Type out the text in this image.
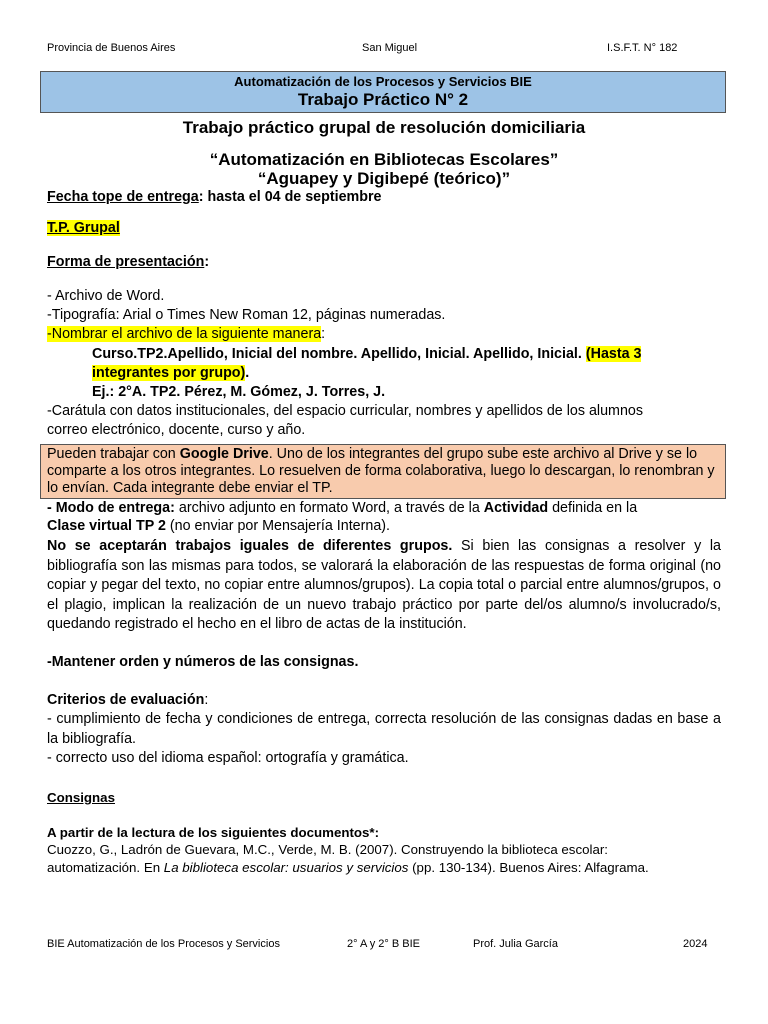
Provincia de Buenos Aires	San Miguel	I.S.F.T. N° 182
Automatización de los Procesos y Servicios BIE
Trabajo Práctico N° 2
Trabajo práctico grupal de resolución domiciliaria
“Automatización en Bibliotecas Escolares”
“Aguapey y Digibepé (teórico)”
Fecha tope de entrega: hasta el 04 de septiembre
T.P. Grupal
Forma de presentación:
- Archivo de Word.
-Tipografía: Arial o Times New Roman 12, páginas numeradas.
-Nombrar el archivo de la siguiente manera:
Curso.TP2.Apellido, Inicial del nombre. Apellido, Inicial. Apellido, Inicial. (Hasta 3
integrantes por grupo).
Ej.: 2°A. TP2. Pérez, M. Gómez, J. Torres, J.
-Carátula con datos institucionales, del espacio curricular, nombres y apellidos de los alumnos
correo electrónico, docente, curso y año.
Pueden trabajar con Google Drive. Uno de los integrantes del grupo sube este archivo al Drive y se lo comparte a los otros integrantes. Lo resuelven de forma colaborativa, luego lo descargan, lo renombran y lo envían. Cada integrante debe enviar el TP.
- Modo de entrega: archivo adjunto en formato Word, a través de la Actividad definida en la
Clase virtual TP 2 (no enviar por Mensajería Interna).
No se aceptarán trabajos iguales de diferentes grupos. Si bien las consignas a resolver y la bibliografía son las mismas para todos, se valorará la elaboración de las respuestas de forma original (no copiar y pegar del texto, no copiar entre alumnos/grupos). La copia total o parcial entre alumnos/grupos, o el plagio, implican la realización de un nuevo trabajo práctico por parte del/os alumno/s involucrado/s, quedando registrado el hecho en el libro de actas de la institución.
-Mantener orden y números de las consignas.
Criterios de evaluación:
- cumplimiento de fecha y condiciones de entrega, correcta resolución de las consignas dadas en base a la bibliografía.
- correcto uso del idioma español: ortografía y gramática.
Consignas
A partir de la lectura de los siguientes documentos*:
Cuozzo, G., Ladrón de Guevara, M.C., Verde, M. B. (2007). Construyendo la biblioteca escolar:
automatización. En La biblioteca escolar: usuarios y servicios (pp. 130-134). Buenos Aires: Alfagrama.
BIE Automatización de los Procesos y Servicios	2° A y 2° B BIE	Prof. Julia García	2024
